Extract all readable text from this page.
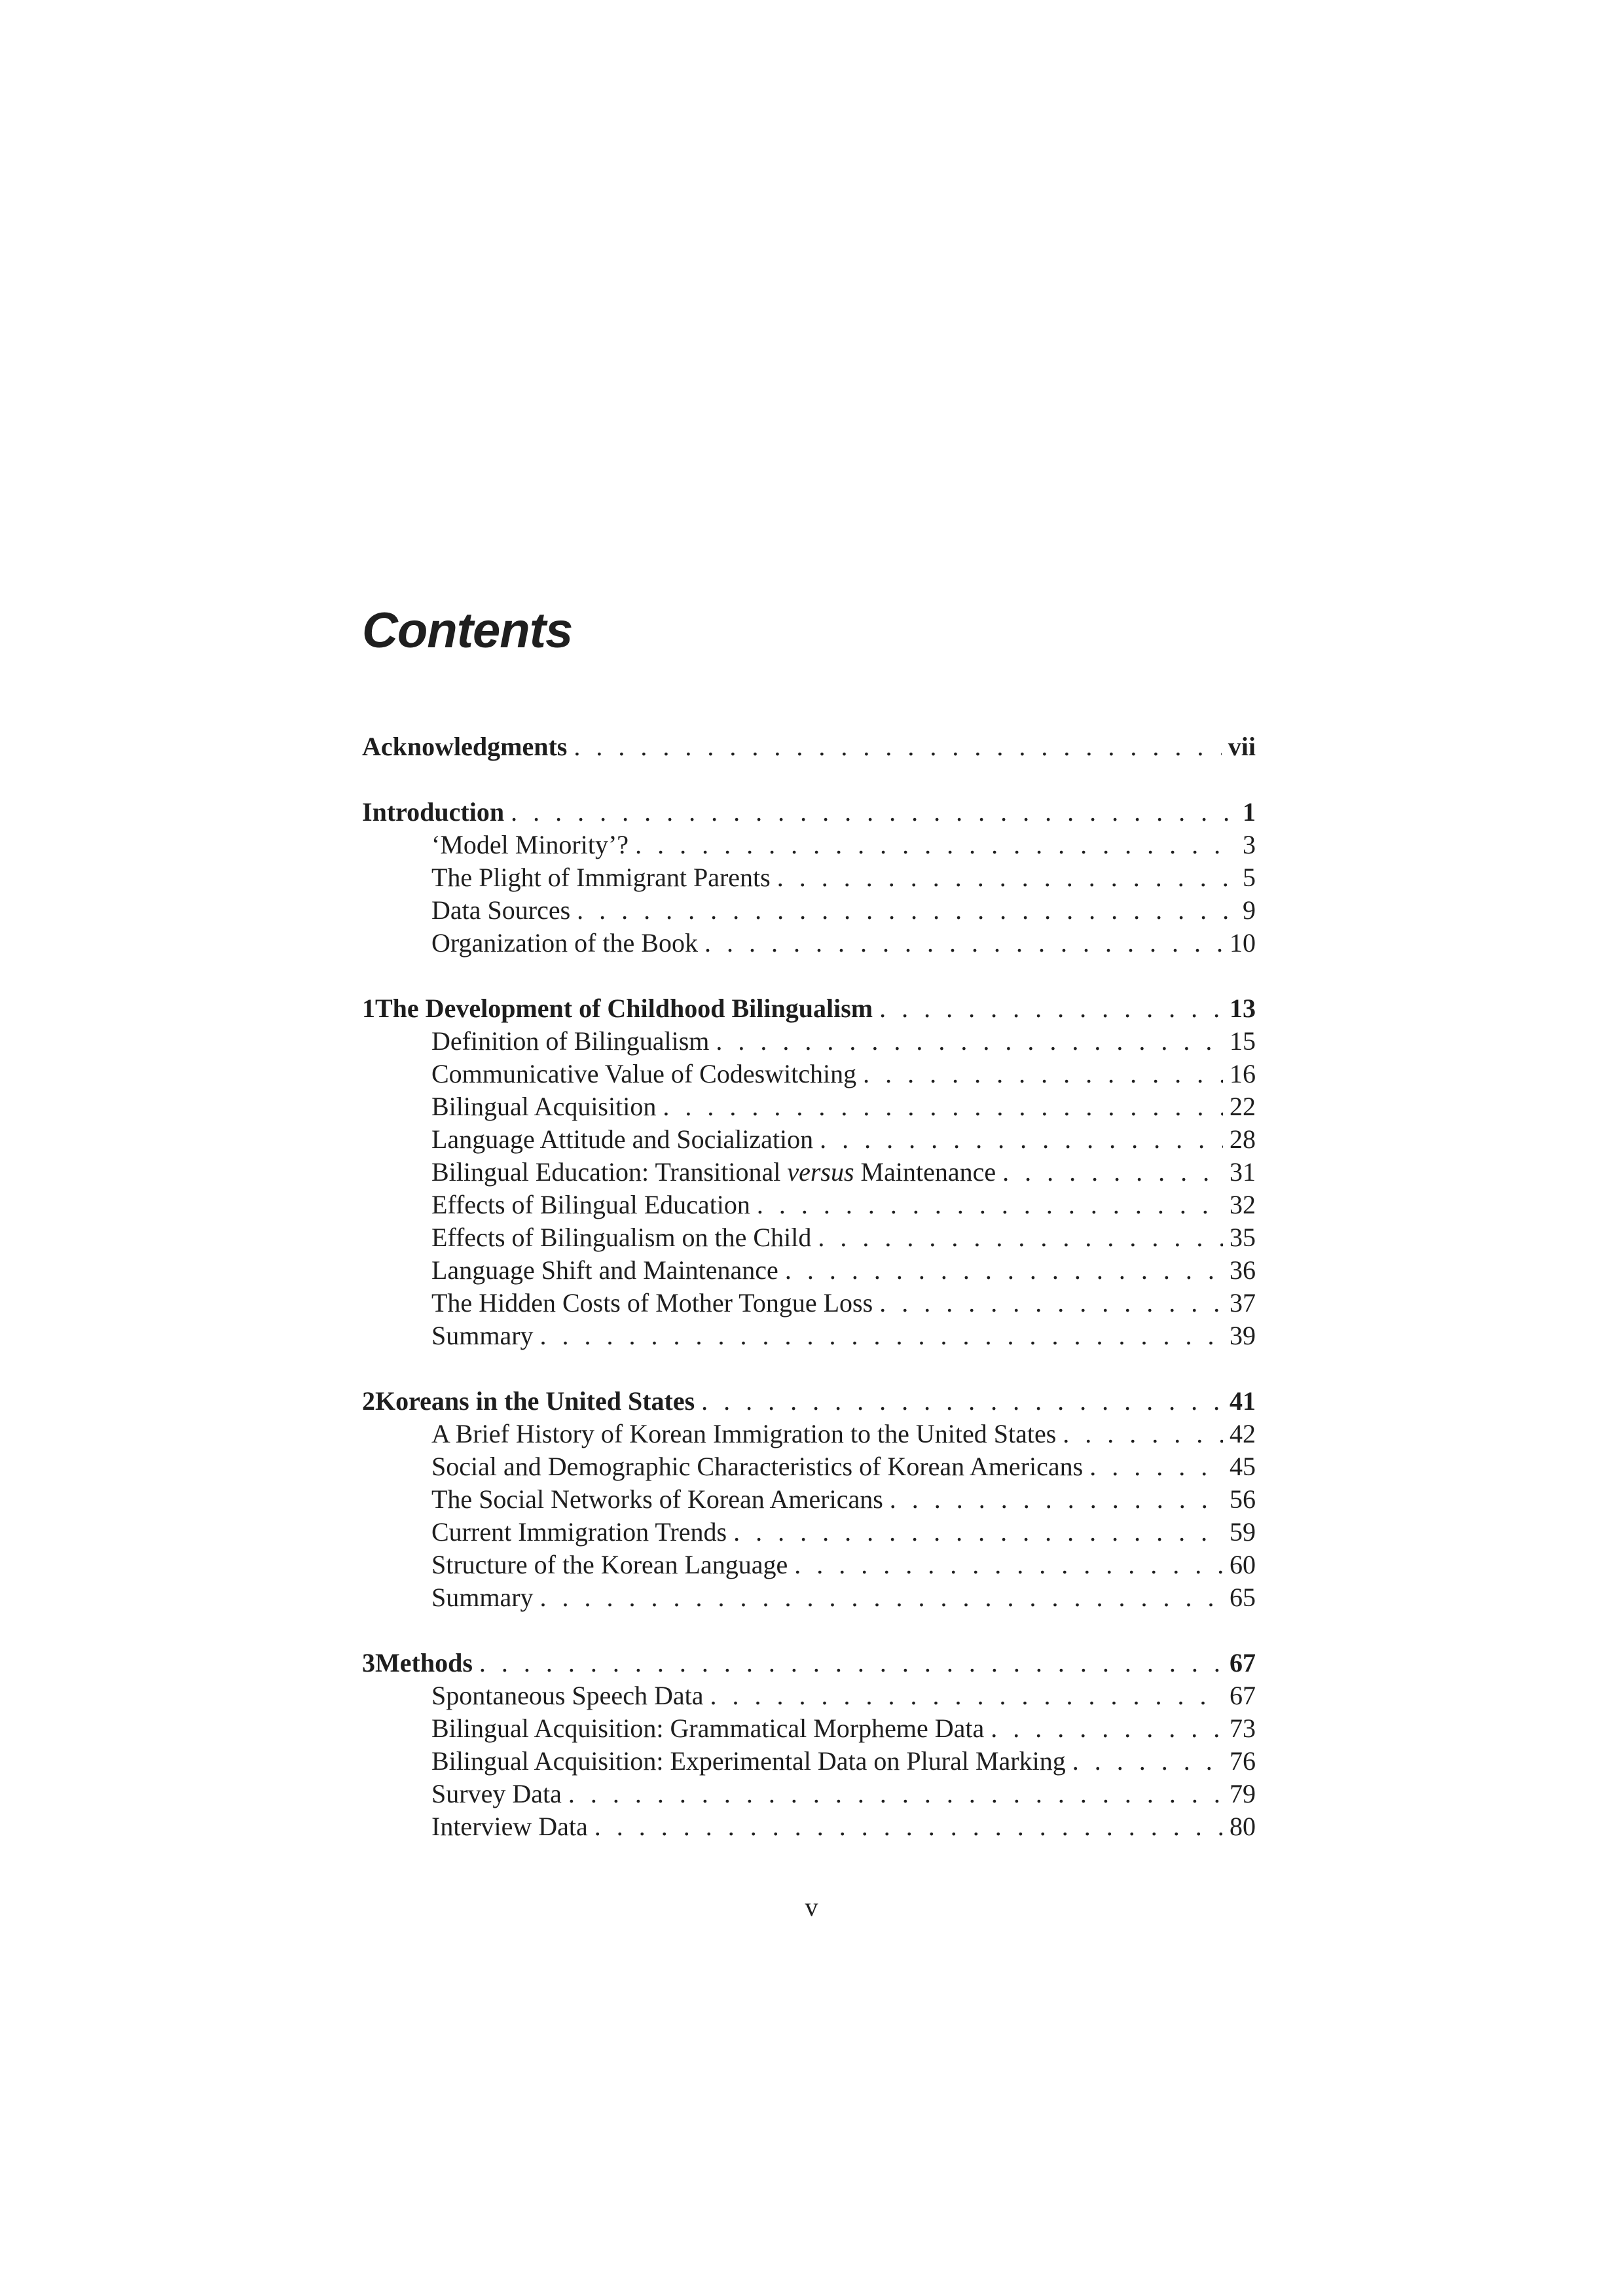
Contents
Acknowledgments . . .	vii
Introduction . . .	1
‘Model Minority’? . . .	3
The Plight of Immigrant Parents . . .	5
Data Sources . . .	9
Organization of the Book . . .	10
1 The Development of Childhood Bilingualism . . .	13
Definition of Bilingualism . . .	15
Communicative Value of Codeswitching . . .	16
Bilingual Acquisition . . .	22
Language Attitude and Socialization . . .	28
Bilingual Education: Transitional versus Maintenance . . .	31
Effects of Bilingual Education . . .	32
Effects of Bilingualism on the Child . . .	35
Language Shift and Maintenance . . .	36
The Hidden Costs of Mother Tongue Loss . . .	37
Summary . . .	39
2 Koreans in the United States . . .	41
A Brief History of Korean Immigration to the United States . . .	42
Social and Demographic Characteristics of Korean Americans . . .	45
The Social Networks of Korean Americans . . .	56
Current Immigration Trends . . .	59
Structure of the Korean Language . . .	60
Summary . . .	65
3 Methods . . .	67
Spontaneous Speech Data . . .	67
Bilingual Acquisition: Grammatical Morpheme Data . . .	73
Bilingual Acquisition: Experimental Data on Plural Marking . . .	76
Survey Data . . .	79
Interview Data . . .	80
v
